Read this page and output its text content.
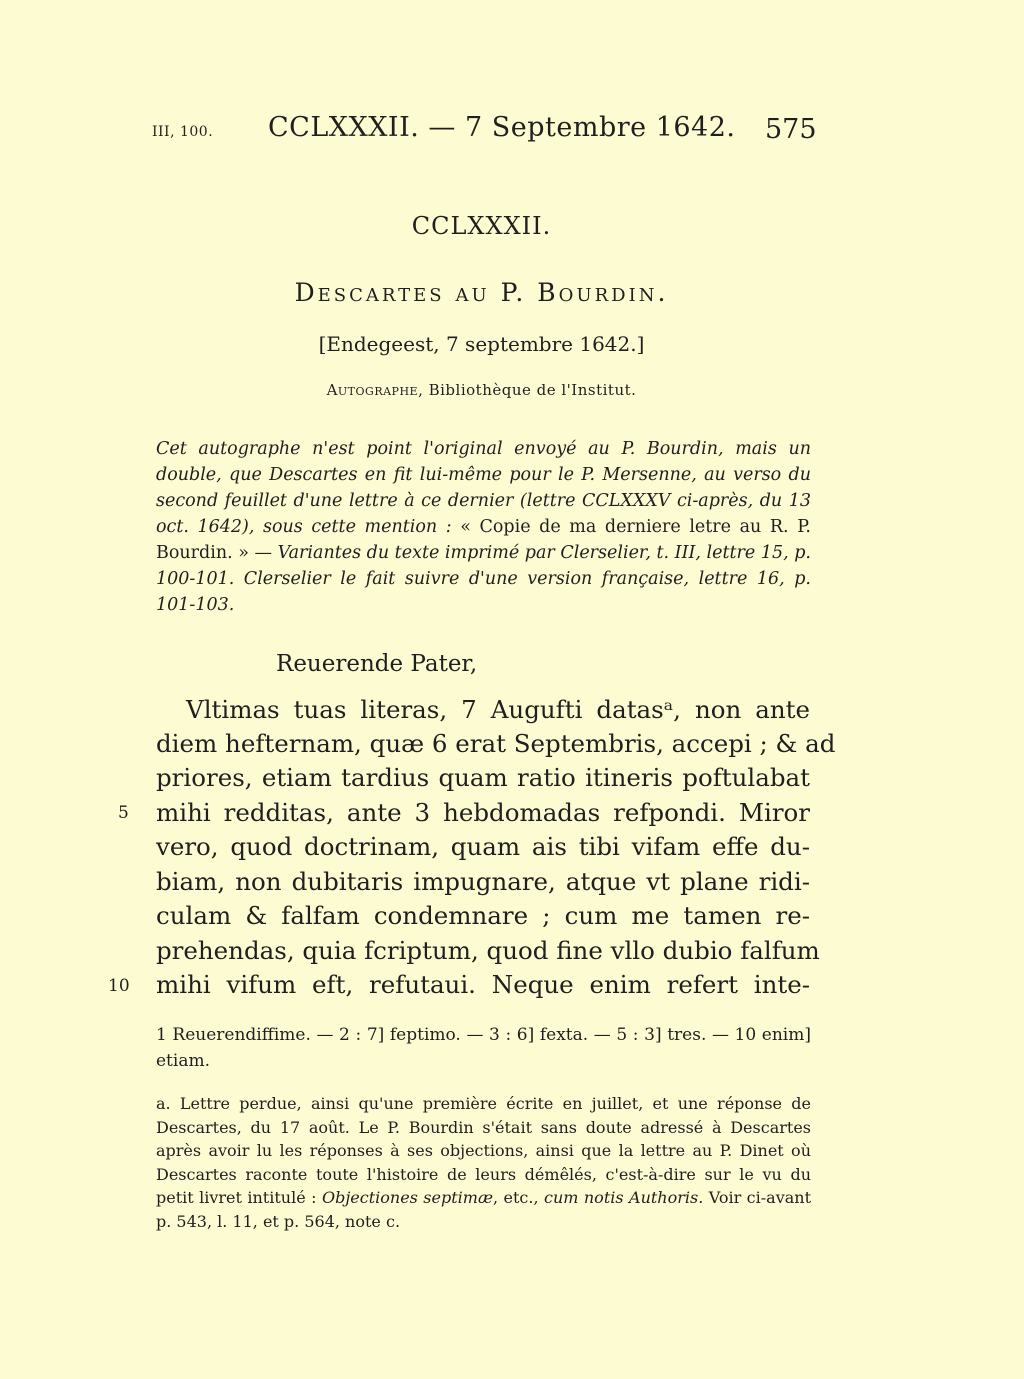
III, 100. CCLXXXII. — 7 Septembre 1642. 575
CCLXXXII.
Descartes au P. Bourdin.
[Endegeest, 7 septembre 1642.]
Autographe, Bibliothèque de l'Institut.
Cet autographe n'est point l'original envoyé au P. Bourdin, mais un double, que Descartes en fit lui-même pour le P. Mersenne, au verso du second feuillet d'une lettre à ce dernier (lettre CCLXXXV ci-après, du 13 oct. 1642), sous cette mention : « Copie de ma derniere letre au R. P. Bourdin. » — Variantes du texte imprimé par Clerselier, t. III, lettre 15, p. 100-101. Clerselier le fait suivre d'une version française, lettre 16, p. 101-103.
Reuerende Pater,
Vltimas tuas literas, 7 Augufti datasᵃ, non ante
diem hefternam, quæ 6 erat Septembris, accepi ; & ad
priores, etiam tardius quam ratio itineris poftulabat
mihi redditas, ante 3 hebdomadas refpondi. Miror
vero, quod doctrinam, quam ais tibi vifam effe du-
biam, non dubitaris impugnare, atque vt plane ridi-
culam & falfam condemnare ; cum me tamen re-
prehendas, quia fcriptum, quod fine vllo dubio falfum
mihi vifum eft, refutaui. Neque enim refert inte-
5
10
1 Reuerendiffime. — 2 : 7] feptimo. — 3 : 6] fexta. — 5 : 3] tres. — 10 enim] etiam.
a. Lettre perdue, ainsi qu'une première écrite en juillet, et une réponse de Descartes, du 17 août. Le P. Bourdin s'était sans doute adressé à Descartes après avoir lu les réponses à ses objections, ainsi que la lettre au P. Dinet où Descartes raconte toute l'histoire de leurs démêlés, c'est-à-dire sur le vu du petit livret intitulé : Objectiones septimæ, etc., cum notis Authoris. Voir ci-avant p. 543, l. 11, et p. 564, note c.
